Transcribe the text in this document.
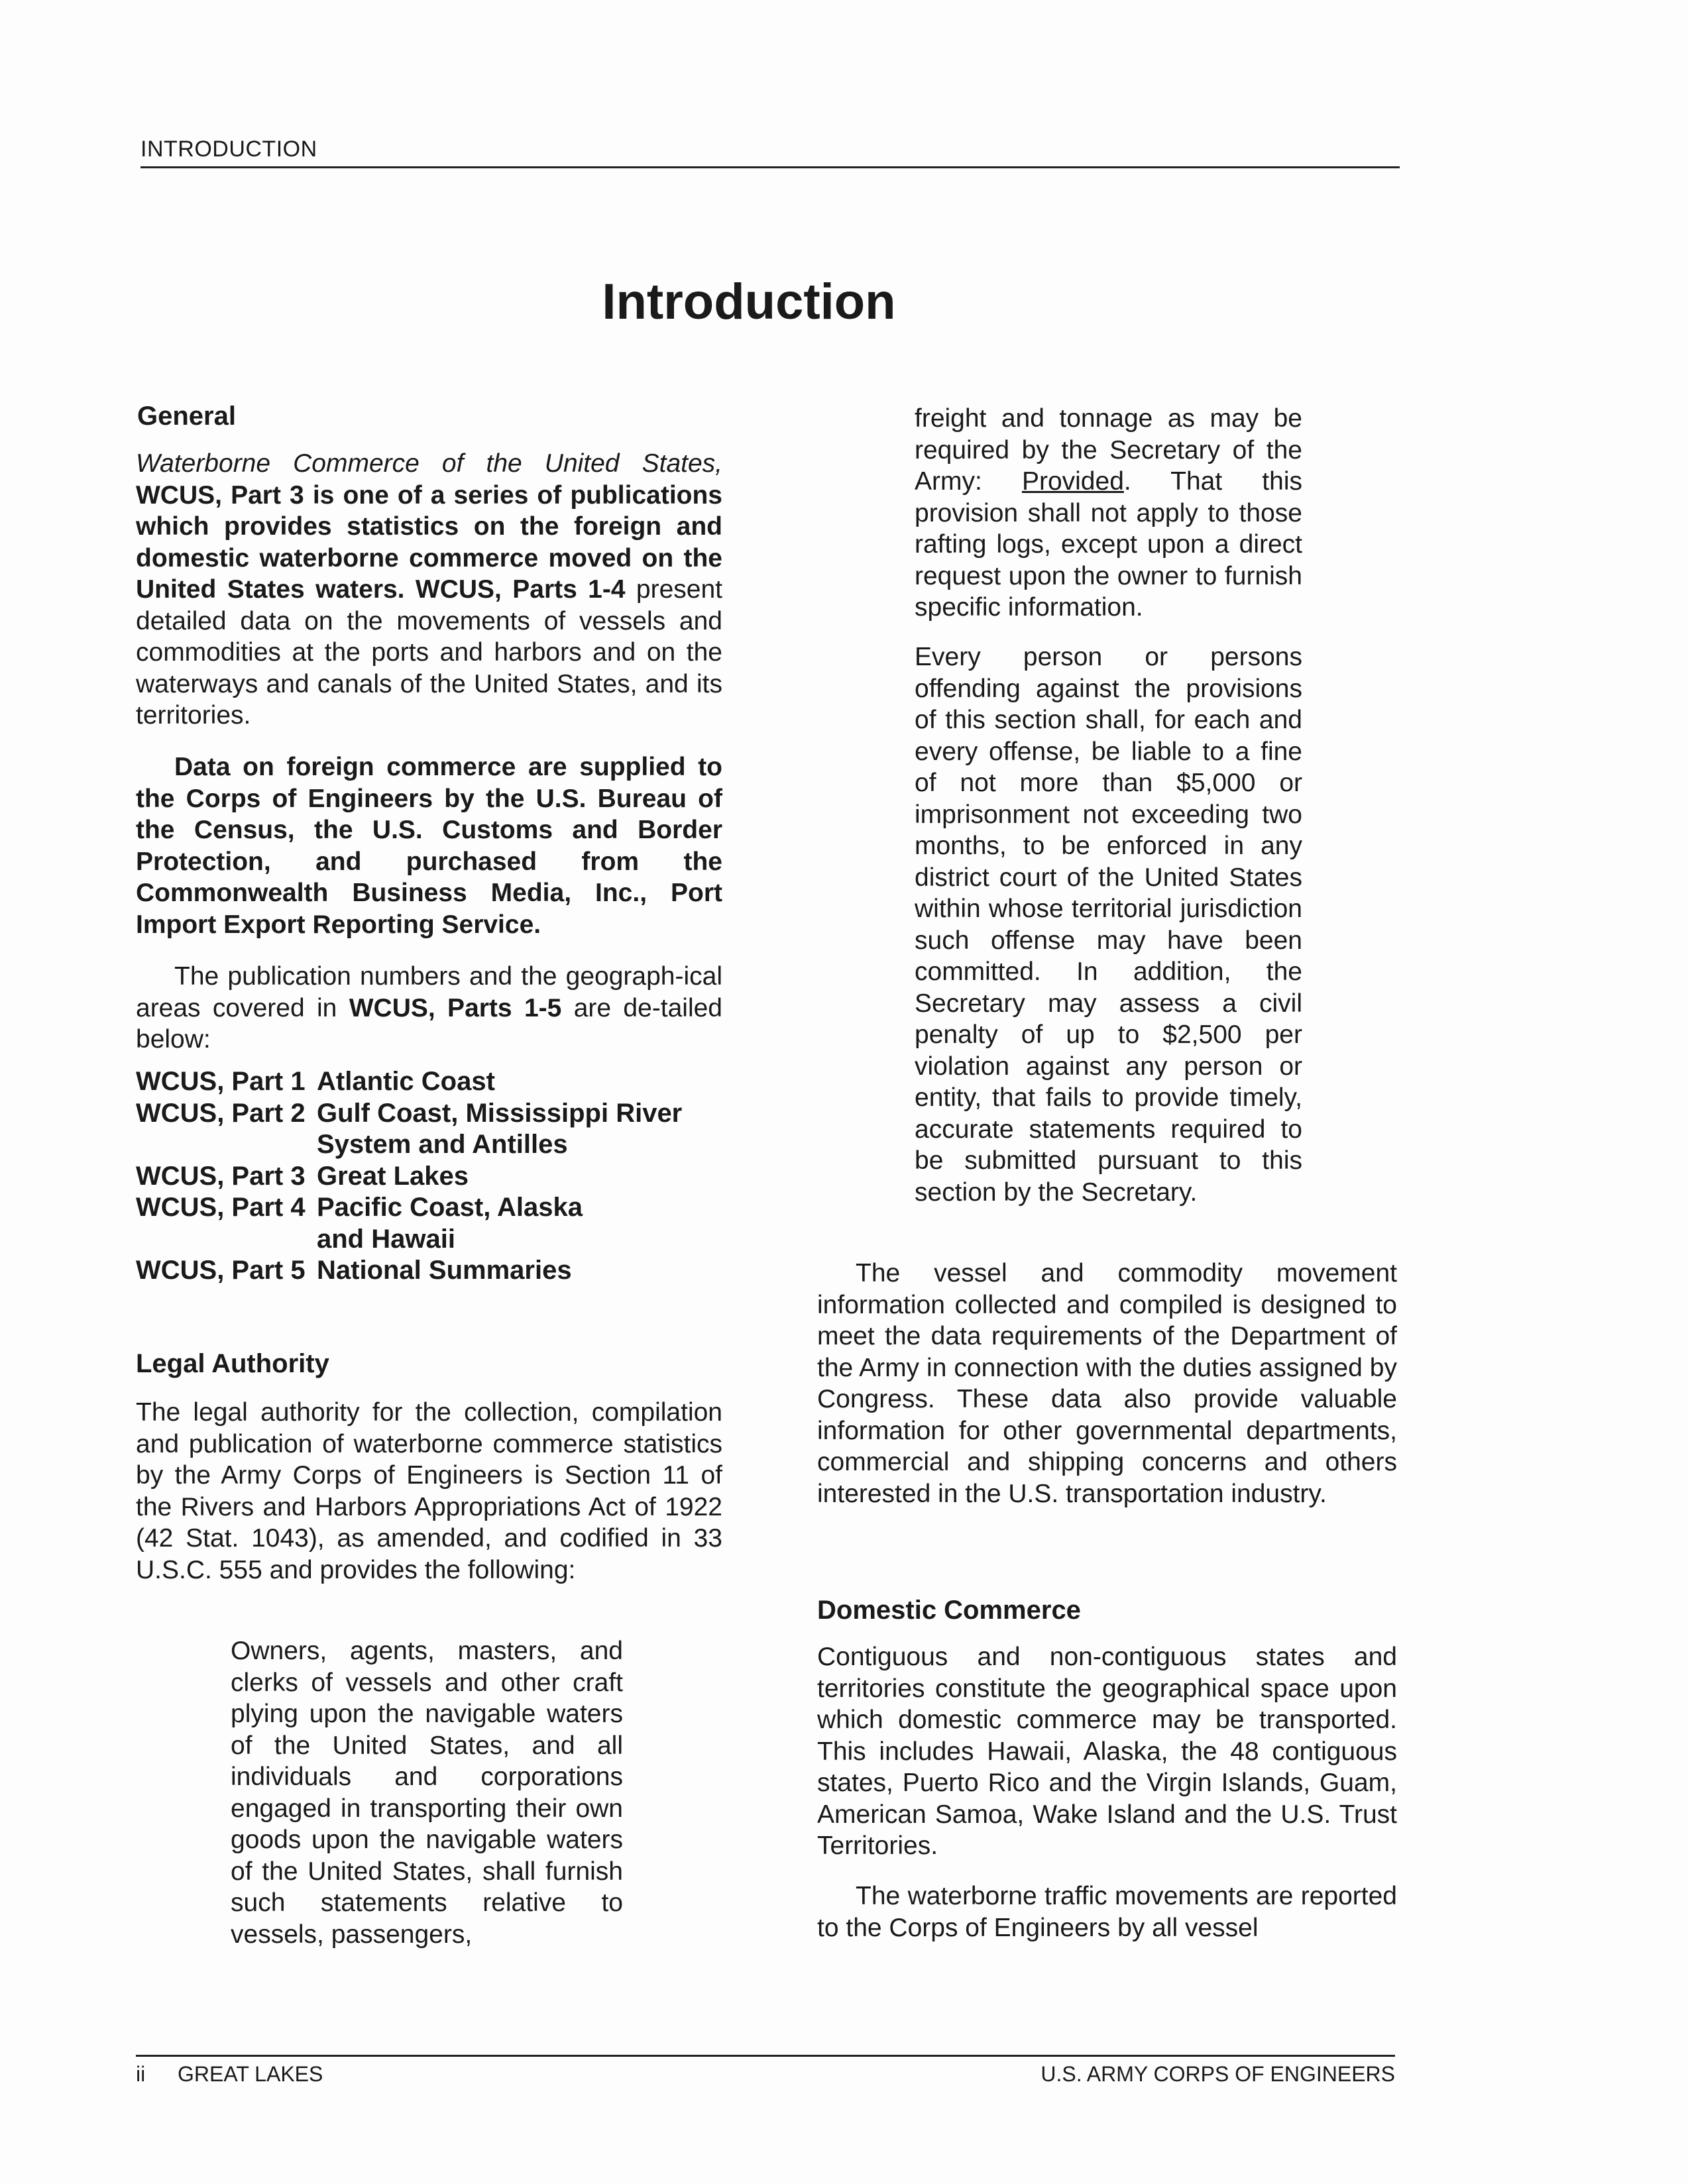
INTRODUCTION
Introduction
General

Waterborne Commerce of the United States, WCUS, Part 3 is one of a series of publications which provides statistics on the foreign and domestic waterborne commerce moved on the United States waters. WCUS, Parts 1-4 present detailed data on the movements of vessels and commodities at the ports and harbors and on the waterways and canals of the United States, and its territories.

Data on foreign commerce are supplied to the Corps of Engineers by the U.S. Bureau of the Census, the U.S. Customs and Border Protection, and purchased from the Commonwealth Business Media, Inc., Port Import Export Reporting Service.

The publication numbers and the geograph-ical areas covered in WCUS, Parts 1-5 are de-tailed below:

WCUS, Part 1 Atlantic Coast
WCUS, Part 2 Gulf Coast, Mississippi River
System and Antilles
WCUS, Part 3 Great Lakes
WCUS, Part 4 Pacific Coast, Alaska
and Hawaii
WCUS, Part 5 National Summaries
Legal Authority

The legal authority for the collection, compilation and publication of waterborne commerce statistics by the Army Corps of Engineers is Section 11 of the Rivers and Harbors Appropriations Act of 1922 (42 Stat. 1043), as amended, and codified in 33 U.S.C. 555 and provides the following:

Owners, agents, masters, and clerks of vessels and other craft plying upon the navigable waters of the United States, and all individuals and corporations engaged in transporting their own goods upon the navigable waters of the United States, shall furnish such statements relative to vessels, passengers,

freight and tonnage as may be required by the Secretary of the Army: Provided. That this provision shall not apply to those rafting logs, except upon a direct request upon the owner to furnish specific information.

Every person or persons offending against the provisions of this section shall, for each and every offense, be liable to a fine of not more than $5,000 or imprisonment not exceeding two months, to be enforced in any district court of the United States within whose territorial jurisdiction such offense may have been committed. In addition, the Secretary may assess a civil penalty of up to $2,500 per violation against any person or entity, that fails to provide timely, accurate statements required to be submitted pursuant to this section by the Secretary.

The vessel and commodity movement information collected and compiled is designed to meet the data requirements of the Department of the Army in connection with the duties assigned by Congress. These data also provide valuable information for other governmental departments, commercial and shipping concerns and others interested in the U.S. transportation industry.

Domestic Commerce

Contiguous and non-contiguous states and territories constitute the geographical space upon which domestic commerce may be transported. This includes Hawaii, Alaska, the 48 contiguous states, Puerto Rico and the Virgin Islands, Guam, American Samoa, Wake Island and the U.S. Trust Territories.

The waterborne traffic movements are reported to the Corps of Engineers by all vessel

ii GREAT LAKES	U.S. ARMY CORPS OF ENGINEERS
